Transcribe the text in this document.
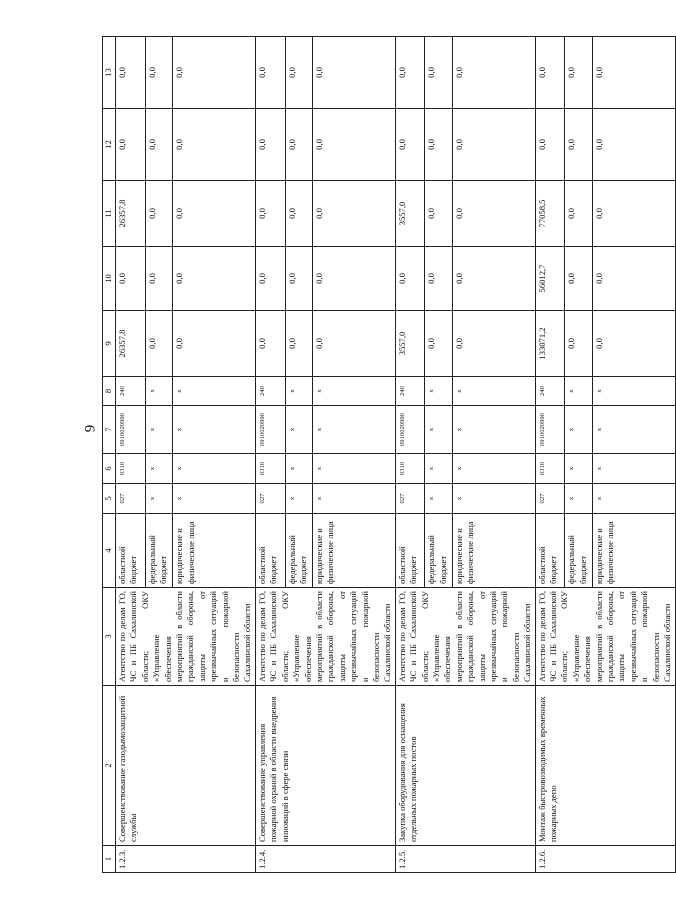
9
1	2	3	4	5	6	7	8	9	10	11	12	13
1.2.3.	Совершенствование газодымозащитной службы	Агентство по делам ГО, ЧС и ПБ Сахалинской области; ОКУ «Управление обеспечения мероприятий в области гражданской обороны, защиты от чрезвычайных ситуаций и пожарной безопасности Сахалинской области	областной бюджет	027	0310	0910020990	240	26357,8	0,0	26357,8	0,0	0,0
			федеральный бюджет	x	x	x	x	0,0	0,0	0,0	0,0	0,0
			юридические и физические лица	x	x	x	x	0,0	0,0	0,0	0,0	0,0
1.2.4.	Совершенствование управления пожарной охраной в области внедрения инноваций в сфере связи	Агентство по делам ГО, ЧС и ПБ Сахалинской области; ОКУ «Управление обеспечения мероприятий в области гражданской обороны, защиты от чрезвычайных ситуаций и пожарной безопасности Сахалинской области	областной бюджет	027	0310	0910020990	240	0,0	0,0	0,0	0,0	0,0
			федеральный бюджет	x	x	x	x	0,0	0,0	0,0	0,0	0,0
			юридические и физические лица	x	x	x	x	0,0	0,0	0,0	0,0	0,0
1.2.5.	Закупка оборудования для оснащения отдельных пожарных постов	Агентство по делам ГО, ЧС и ПБ Сахалинской области; ОКУ «Управление обеспечения мероприятий в области гражданской обороны, защиты от чрезвычайных ситуаций и пожарной безопасности Сахалинской области	областной бюджет	027	0310	0910020990	240	3557,0	0,0	3557,0	0,0	0,0
			федеральный бюджет	x	x	x	x	0,0	0,0	0,0	0,0	0,0
			юридические и физические лица	x	x	x	x	0,0	0,0	0,0	0,0	0,0
1.2.6.	Монтаж быстровозводимых временных пожарных депо	Агентство по делам ГО, ЧС и ПБ Сахалинской области; ОКУ «Управление обеспечения мероприятий в области гражданской обороны, защиты от чрезвычайных ситуаций и пожарной безопасности Сахалинской области	областной бюджет	027	0310	0910020990	240	133071,2	56012,7	77058,5	0,0	0,0
			федеральный бюджет	x	x	x	x	0,0	0,0	0,0	0,0	0,0
			юридические и физические лица	x	x	x	x	0,0	0,0	0,0	0,0	0,0
